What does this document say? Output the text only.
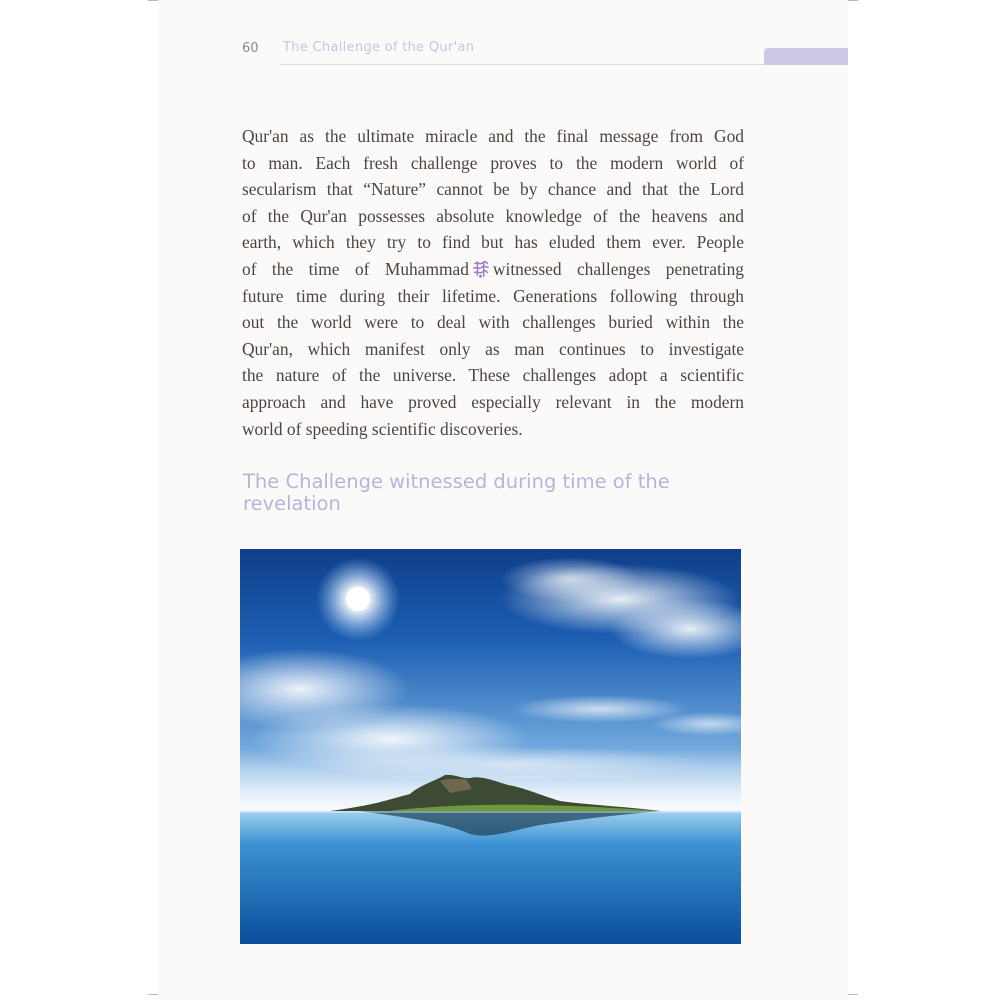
60 The Challenge of the Qur'an

Qur'an as the ultimate miracle and the final message from God
to man. Each fresh challenge proves to the modern world of
secularism that “Nature” cannot be by chance and that the Lord
of the Qur'an possesses absolute knowledge of the heavens and
earth, which they try to find but has eluded them ever. People
of the time of Muhammad witnessed challenges penetrating
future time during their lifetime. Generations following through
out the world were to deal with challenges buried within the
Qur'an, which manifest only as man continues to investigate
the nature of the universe. These challenges adopt a scientific
approach and have proved especially relevant in the modern
world of speeding scientific discoveries.

The Challenge witnessed during time of the
revelation
